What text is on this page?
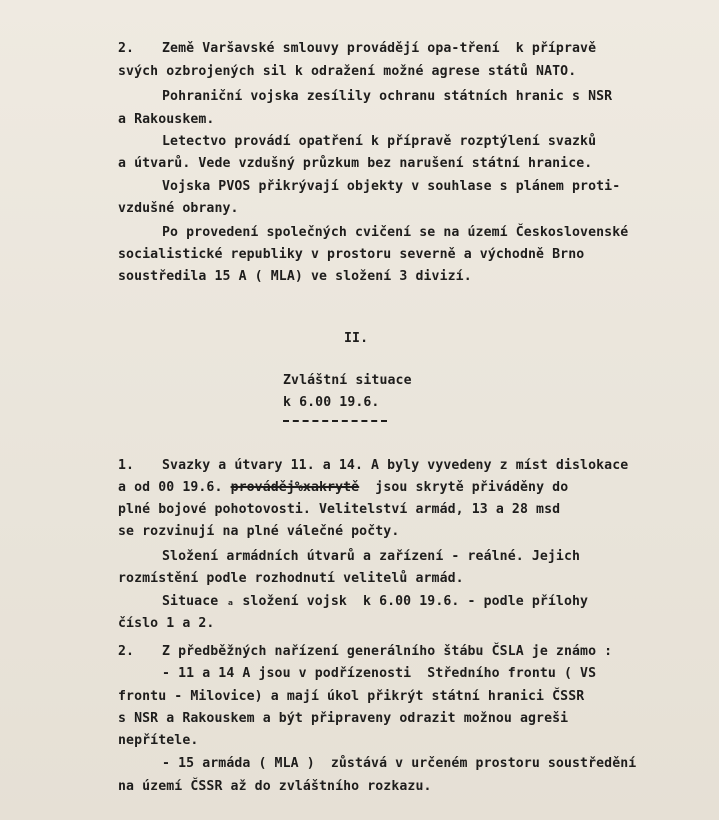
2. Země Varšavské smlouvy provádějí opa-tření  k přípravě
svých ozbrojených sil k odražení možné agrese států NATO.
Pohraniční vojska zesílily ochranu státních hranic s NSR
a Rakouskem.
Letectvo provádí opatření k přípravě rozptýlení svazků
a útvarů. Vede vzdušný průzkum bez narušení státní hranice.
Vojska PVOS přikrývají objekty v souhlase s plánem proti-
vzdušné obrany.
Po provedení společných cvičení se na území Československé
socialistické republiky v prostoru severně a východně Brno
soustředila 15 A ( MLA) ve složení 3 divizí.
II.
Zvláštní situace
k 6.00 19.6.
1. Svazky a útvary 11. a 14. A byly vyvedeny z míst dislokace
a od 00 19.6. prováděj%xakrytě jsou skrytě přiváděny do
plné bojové pohotovosti. Velitelství armád, 13 a 28 msd
se rozvinují na plné válečné počty.
Složení armádních útvarů a zařízení - reálné. Jejich
rozmístění podle rozhodnutí velitelů armád.
Situace ₐ složení vojsk  k 6.00 19.6. - podle přílohy
číslo 1 a 2.
2. Z předběžných nařízení generálního štábu ČSLA je známo :
- 11 a 14 A jsou v podřízenosti  Středního frontu ( VS
frontu - Milovice) a mají úkol přikrýt státní hranici ČSSR
s NSR a Rakouskem a být připraveny odrazit možnou agreši
nepřítele.
- 15 armáda ( MLA )  zůstává v určeném prostoru soustředění
na území ČSSR až do zvláštního rozkazu.
